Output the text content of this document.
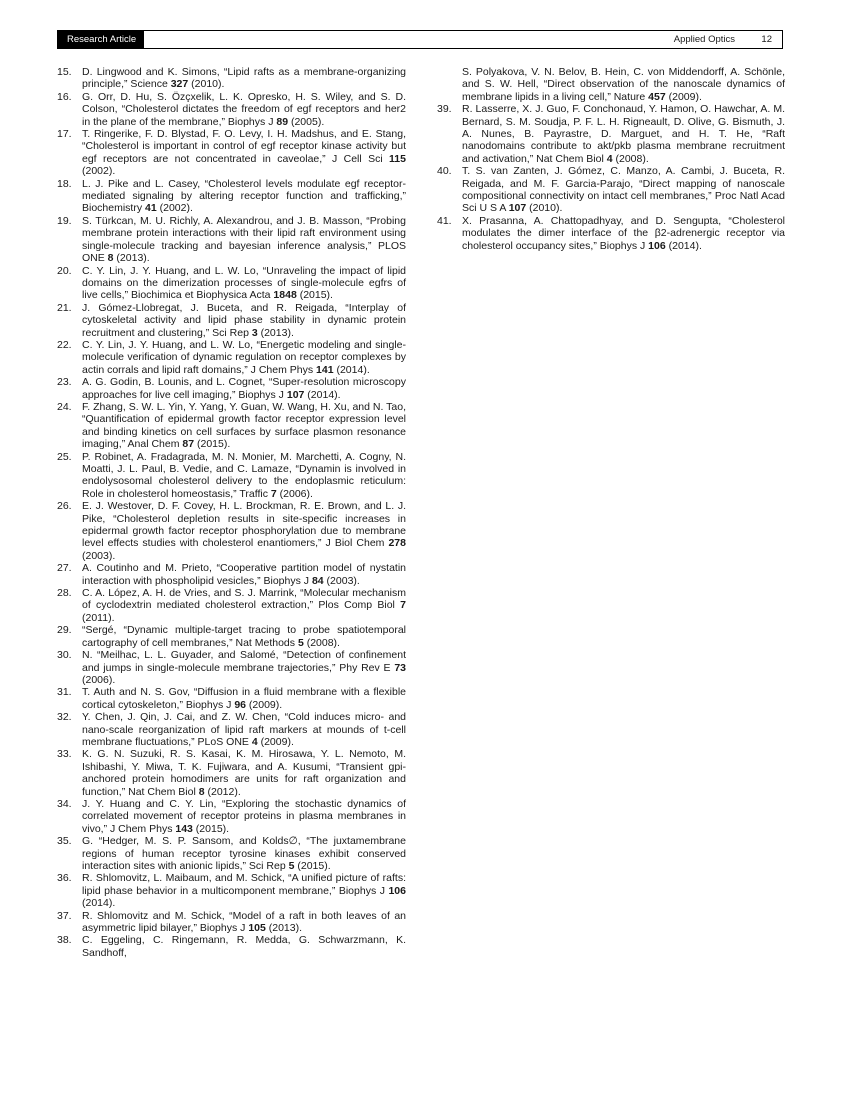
Research Article	Applied Optics	12
15. D. Lingwood and K. Simons, “Lipid rafts as a membrane-organizing principle,” Science 327 (2010).
16. G. Orr, D. Hu, S. Özçxelik, L. K. Opresko, H. S. Wiley, and S. D. Colson, “Cholesterol dictates the freedom of egf receptors and her2 in the plane of the membrane,” Biophys J 89 (2005).
17. T. Ringerike, F. D. Blystad, F. O. Levy, I. H. Madshus, and E. Stang, “Cholesterol is important in control of egf receptor kinase activity but egf receptors are not concentrated in caveolae,” J Cell Sci 115 (2002).
18. L. J. Pike and L. Casey, “Cholesterol levels modulate egf receptor-mediated signaling by altering receptor function and trafficking,” Biochemistry 41 (2002).
19. S. Türkcan, M. U. Richly, A. Alexandrou, and J. B. Masson, “Probing membrane protein interactions with their lipid raft environment using single-molecule tracking and bayesian inference analysis,” PLOS ONE 8 (2013).
20. C. Y. Lin, J. Y. Huang, and L. W. Lo, “Unraveling the impact of lipid domains on the dimerization processes of single-molecule egfrs of live cells,” Biochimica et Biophysica Acta 1848 (2015).
21. J. Gómez-Llobregat, J. Buceta, and R. Reigada, “Interplay of cytoskeletal activity and lipid phase stability in dynamic protein recruitment and clustering,” Sci Rep 3 (2013).
22. C. Y. Lin, J. Y. Huang, and L. W. Lo, “Energetic modeling and single-molecule verification of dynamic regulation on receptor complexes by actin corrals and lipid raft domains,” J Chem Phys 141 (2014).
23. A. G. Godin, B. Lounis, and L. Cognet, “Super-resolution microscopy approaches for live cell imaging,” Biophys J 107 (2014).
24. F. Zhang, S. W. L. Yin, Y. Yang, Y. Guan, W. Wang, H. Xu, and N. Tao, “Quantification of epidermal growth factor receptor expression level and binding kinetics on cell surfaces by surface plasmon resonance imaging,” Anal Chem 87 (2015).
25. P. Robinet, A. Fradagrada, M. N. Monier, M. Marchetti, A. Cogny, N. Moatti, J. L. Paul, B. Vedie, and C. Lamaze, “Dynamin is involved in endolysosomal cholesterol delivery to the endoplasmic reticulum: Role in cholesterol homeostasis,” Traffic 7 (2006).
26. E. J. Westover, D. F. Covey, H. L. Brockman, R. E. Brown, and L. J. Pike, “Cholesterol depletion results in site-specific increases in epidermal growth factor receptor phosphorylation due to membrane level effects studies with cholesterol enantiomers,” J Biol Chem 278 (2003).
27. A. Coutinho and M. Prieto, “Cooperative partition model of nystatin interaction with phospholipid vesicles,” Biophys J 84 (2003).
28. C. A. López, A. H. de Vries, and S. J. Marrink, “Molecular mechanism of cyclodextrin mediated cholesterol extraction,” Plos Comp Biol 7 (2011).
29. “Sergé, “Dynamic multiple-target tracing to probe spatiotemporal cartography of cell membranes,” Nat Methods 5 (2008).
30. N. “Meilhac, L. L. Guyader, and Salomé, “Detection of confinement and jumps in single-molecule membrane trajectories,” Phy Rev E 73 (2006).
31. T. Auth and N. S. Gov, “Diffusion in a fluid membrane with a flexible cortical cytoskeleton,” Biophys J 96 (2009).
32. Y. Chen, J. Qin, J. Cai, and Z. W. Chen, “Cold induces micro- and nano-scale reorganization of lipid raft markers at mounds of t-cell membrane fluctuations,” PLoS ONE 4 (2009).
33. K. G. N. Suzuki, R. S. Kasai, K. M. Hirosawa, Y. L. Nemoto, M. Ishibashi, Y. Miwa, T. K. Fujiwara, and A. Kusumi, “Transient gpi-anchored protein homodimers are units for raft organization and function,” Nat Chem Biol 8 (2012).
34. J. Y. Huang and C. Y. Lin, “Exploring the stochastic dynamics of correlated movement of receptor proteins in plasma membranes in vivo,” J Chem Phys 143 (2015).
35. G. “Hedger, M. S. P. Sansom, and Kolds∅, “The juxtamembrane regions of human receptor tyrosine kinases exhibit conserved interaction sites with anionic lipids,” Sci Rep 5 (2015).
36. R. Shlomovitz, L. Maibaum, and M. Schick, “A unified picture of rafts: lipid phase behavior in a multicomponent membrane,” Biophys J 106 (2014).
37. R. Shlomovitz and M. Schick, “Model of a raft in both leaves of an asymmetric lipid bilayer,” Biophys J 105 (2013).
38. C. Eggeling, C. Ringemann, R. Medda, G. Schwarzmann, K. Sandhoff,
S. Polyakova, V. N. Belov, B. Hein, C. von Middendorff, A. Schönle, and S. W. Hell, “Direct observation of the nanoscale dynamics of membrane lipids in a living cell,” Nature 457 (2009).
39. R. Lasserre, X. J. Guo, F. Conchonaud, Y. Hamon, O. Hawchar, A. M. Bernard, S. M. Soudja, P. F. L. H. Rigneault, D. Olive, G. Bismuth, J. A. Nunes, B. Payrastre, D. Marguet, and H. T. He, “Raft nanodomains contribute to akt/pkb plasma membrane recruitment and activation,” Nat Chem Biol 4 (2008).
40. T. S. van Zanten, J. Gómez, C. Manzo, A. Cambi, J. Buceta, R. Reigada, and M. F. Garcia-Parajo, “Direct mapping of nanoscale compositional connectivity on intact cell membranes,” Proc Natl Acad Sci U S A 107 (2010).
41. X. Prasanna, A. Chattopadhyay, and D. Sengupta, “Cholesterol modulates the dimer interface of the β2-adrenergic receptor via cholesterol occupancy sites,” Biophys J 106 (2014).
